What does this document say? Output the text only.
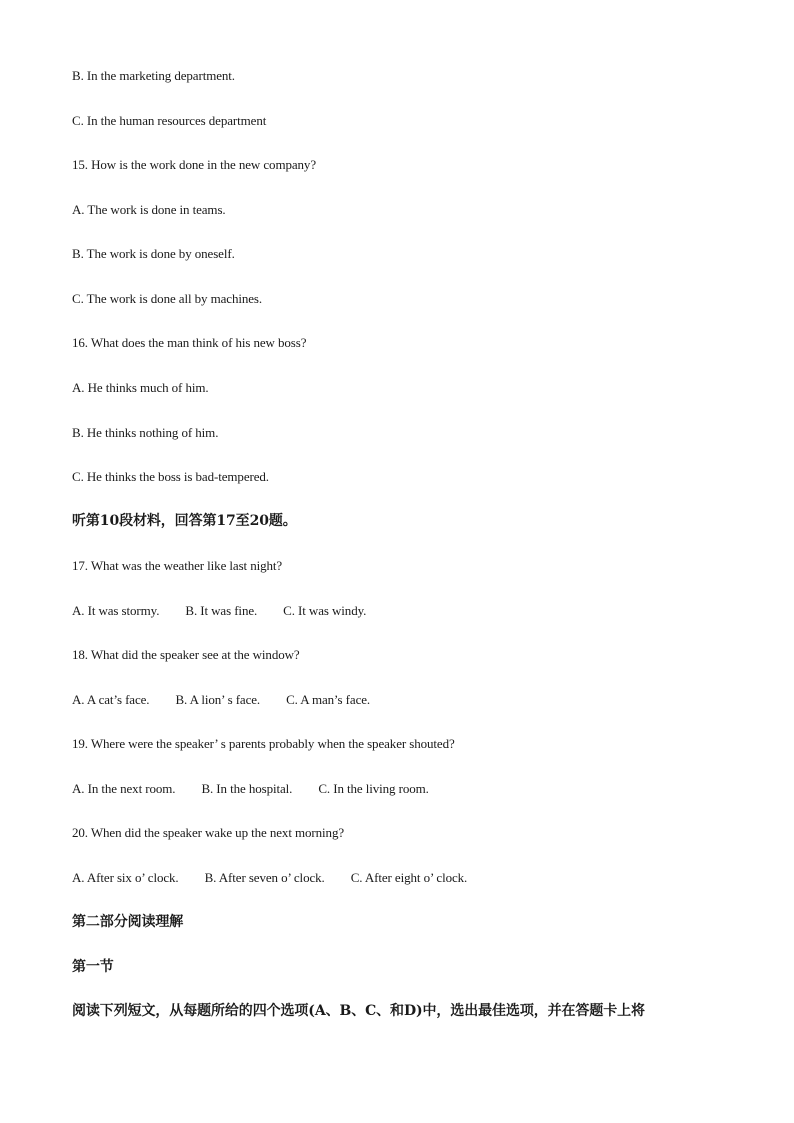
B. In the marketing department.
C. In the human resources department
15. How is the work done in the new company?
A. The work is done in teams.
B. The work is done by oneself.
C. The work is done all by machines.
16. What does the man think of his new boss?
A. He thinks much of him.
B. He thinks nothing of him.
C. He thinks the boss is bad-tempered.
听第10段材料，回答第17至20题。
17. What was the weather like last night?
A. It was stormy. B. It was fine. C. It was windy.
18. What did the speaker see at the window?
A. A cat’s face. B. A lion’ s face. C. A man’s face.
19. Where were the speaker’ s parents probably when the speaker shouted?
A. In the next room. B. In the hospital. C. In the living room.
20. When did the speaker wake up the next morning?
A. After six o’ clock. B. After seven o’ clock. C. After eight o’ clock.
第二部分阅读理解
第一节
阅读下列短文，从每题所给的四个选项(A、B、C、和D)中，选出最佳选项，并在答题卡上将
